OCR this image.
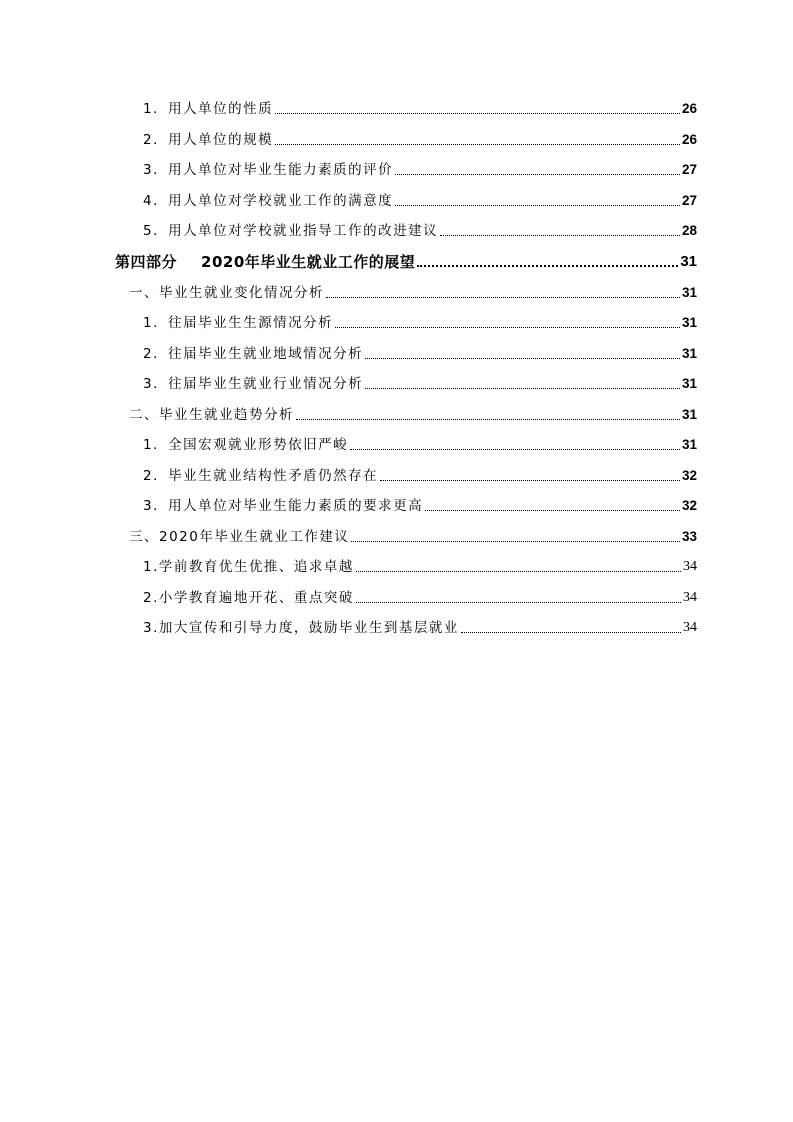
1．用人单位的性质	26
2．用人单位的规模	26
3．用人单位对毕业生能力素质的评价	27
4．用人单位对学校就业工作的满意度	27
5．用人单位对学校就业指导工作的改进建议	28
第四部分 2020年毕业生就业工作的展望	31
一、毕业生就业变化情况分析	31
1．往届毕业生生源情况分析	31
2．往届毕业生就业地域情况分析	31
3．往届毕业生就业行业情况分析	31
二、毕业生就业趋势分析	31
1．全国宏观就业形势依旧严峻	31
2．毕业生就业结构性矛盾仍然存在	32
3．用人单位对毕业生能力素质的要求更高	32
三、2020年毕业生就业工作建议	33
1.学前教育优生优推、追求卓越	34
2.小学教育遍地开花、重点突破	34
3.加大宣传和引导力度，鼓励毕业生到基层就业	34
